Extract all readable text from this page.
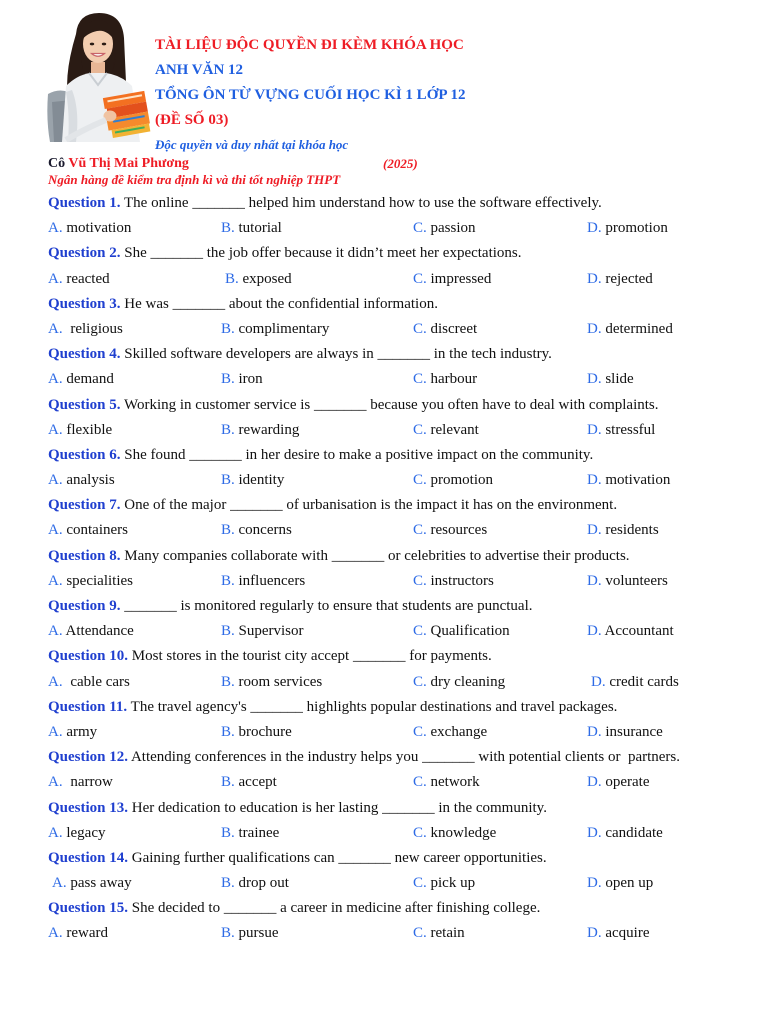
TÀI LIỆU ĐỘC QUYỀN ĐI KÈM KHÓA HỌC
ANH VĂN 12
TỔNG ÔN TỪ VỰNG CUỐI HỌC KÌ 1 LỚP 12
(ĐỀ SỐ 03)
Độc quyền và duy nhất tại khóa học
Cô Vũ Thị Mai Phương	(2025)
Ngân hàng đề kiểm tra định kì và thi tốt nghiệp THPT
Question 1. The online _______ helped him understand how to use the software effectively.
A. motivation	B. tutorial	C. passion	D. promotion
Question 2. She _______ the job offer because it didn’t meet her expectations.
A. reacted	B. exposed	C. impressed	D. rejected
Question 3. He was _______ about the confidential information.
A. religious	B. complimentary	C. discreet	D. determined
Question 4. Skilled software developers are always in _______ in the tech industry.
A. demand	B. iron	C. harbour	D. slide
Question 5. Working in customer service is _______ because you often have to deal with complaints.
A. flexible	B. rewarding	C. relevant	D. stressful
Question 6. She found _______ in her desire to make a positive impact on the community.
A. analysis	B. identity	C. promotion	D. motivation
Question 7. One of the major _______ of urbanisation is the impact it has on the environment.
A. containers	B. concerns	C. resources	D. residents
Question 8. Many companies collaborate with _______ or celebrities to advertise their products.
A. specialities	B. influencers	C. instructors	D. volunteers
Question 9. _______ is monitored regularly to ensure that students are punctual.
A. Attendance	B. Supervisor	C. Qualification	D. Accountant
Question 10. Most stores in the tourist city accept _______ for payments.
A. cable cars	B. room services	C. dry cleaning	D. credit cards
Question 11. The travel agency's _______ highlights popular destinations and travel packages.
A. army	B. brochure	C. exchange	D. insurance
Question 12. Attending conferences in the industry helps you _______ with potential clients or  partners.
A. narrow	B. accept	C. network	D. operate
Question 13. Her dedication to education is her lasting _______ in the community.
A. legacy	B. trainee	C. knowledge	D. candidate
Question 14. Gaining further qualifications can _______ new career opportunities.
A. pass away	B. drop out	C. pick up	D. open up
Question 15. She decided to _______ a career in medicine after finishing college.
A. reward	B. pursue	C. retain	D. acquire
